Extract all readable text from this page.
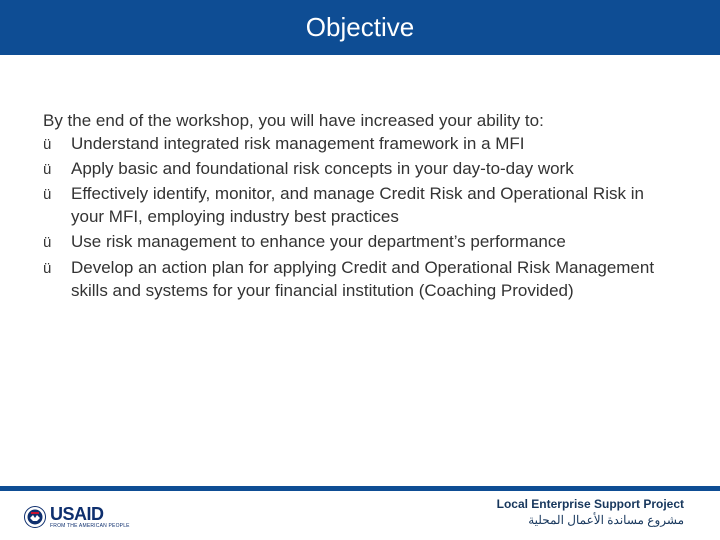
Objective
By the end of the workshop, you will have increased your ability to:
ü	Understand integrated risk management framework in a MFI
ü	Apply basic and foundational risk concepts in your day-to-day work
ü	Effectively identify, monitor, and manage Credit Risk and Operational Risk in your MFI, employing industry best practices
ü	Use risk management to enhance your department’s performance
ü	Develop an action plan for applying Credit and Operational Risk Management skills and systems for your financial institution (Coaching Provided)
USAID
FROM THE AMERICAN PEOPLE
Local Enterprise Support Project
مشروع مساندة الأعمال المحلية
